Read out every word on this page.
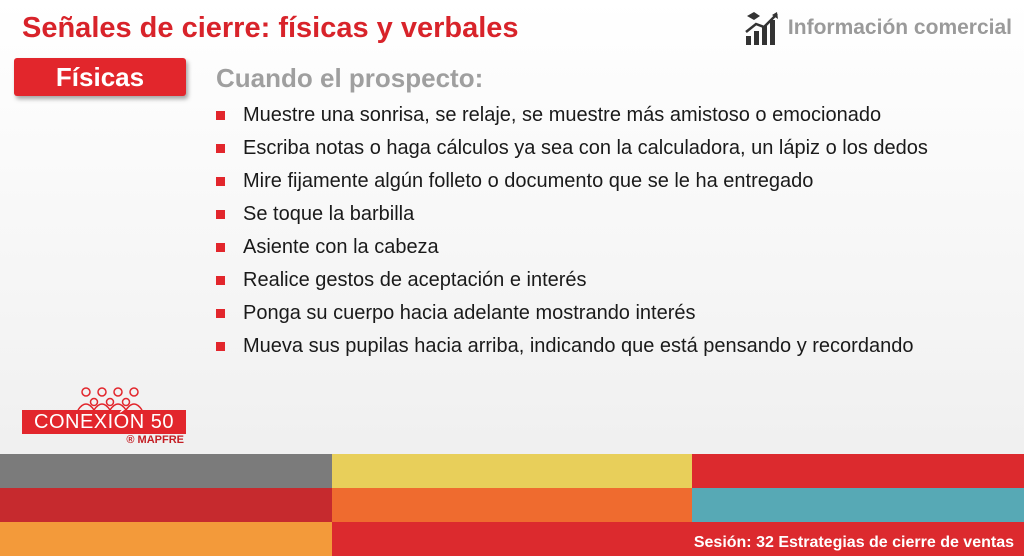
Señales de cierre: físicas y verbales	Información comercial
Físicas	Cuando el prospecto:
Muestre una sonrisa, se relaje, se muestre más amistoso o emocionado
Escriba notas o haga cálculos ya sea con la calculadora, un lápiz o los dedos
Mire fijamente algún folleto o documento que se le ha entregado
Se toque la barbilla
Asiente con la cabeza
Realice gestos de aceptación e interés
Ponga su cuerpo hacia adelante mostrando interés
Mueva sus pupilas hacia arriba, indicando que está pensando y recordando
CONEXIÓN 50
® MAPFRE
Sesión: 32 Estrategias de cierre de ventas
